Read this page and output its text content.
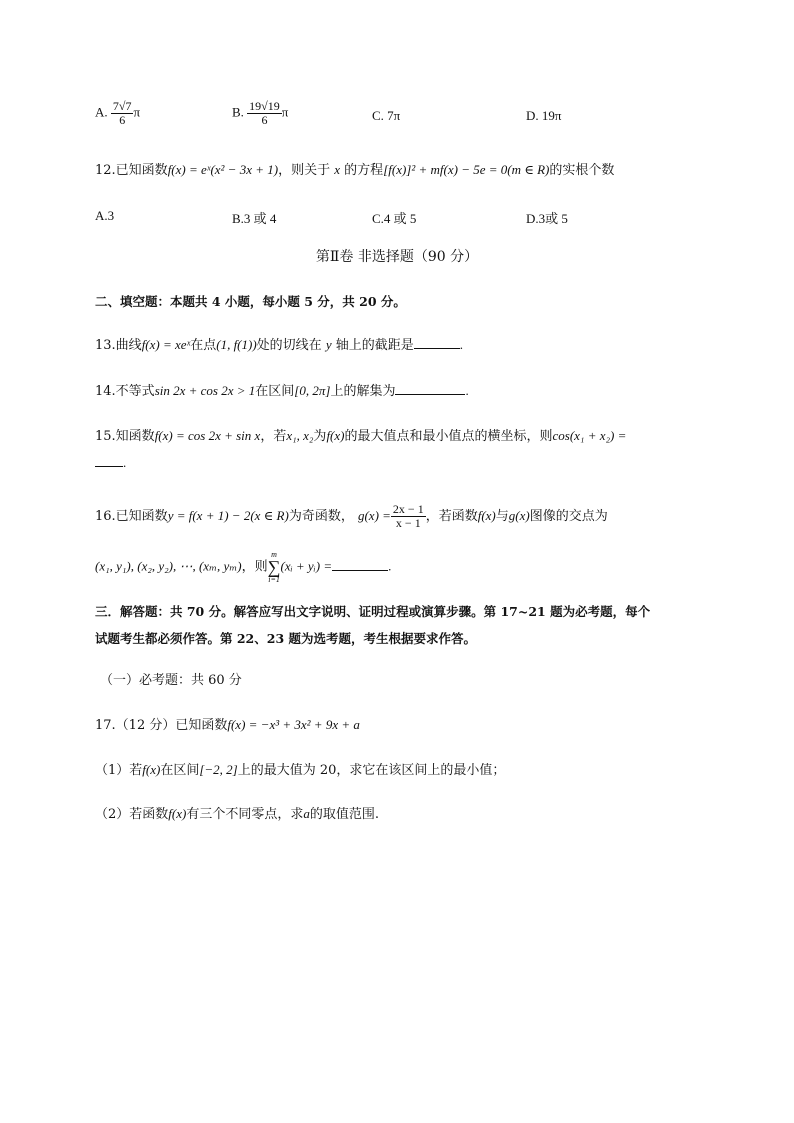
A. $\frac{7√7}{6}$ π	B. $\frac{19√19}{6}$ π	C. 7π	D. 19π
12.已知函数f(x) = eˣ(x² − 3x + 1)，则关于 x 的方程[f(x)]² + mf(x) − 5e = 0(m ∈ R)的实根个数
A.3	B.3 或 4	C.4 或 5	D.3或 5
第Ⅱ卷 非选择题（90 分）
二、填空题：本题共 4 小题，每小题 5 分，共 20 分。
13.曲线f(x) = xeˣ在点(1, f(1))处的切线在 y 轴上的截距是	.
14.不等式sin 2x + cos 2x > 1在区间[0, 2π]上的解集为	.
15.知函数f(x) = cos 2x + sin x，若x₁, x₂为f(x)的最大值点和最小值点的横坐标，则cos(x₁ + x₂) =
.
16.已知函数y = f(x + 1) − 2(x ∈ R)为奇函数， $g(x) = \frac{2x - 1}{x - 1}$ ，若函数f(x)与g(x)图像的交点为
(x₁, y₁), (x₂, y₂), ⋯, (xₘ, yₘ)，则
m
∑
i=1
(xᵢ + yᵢ) =	.
三．解答题：共 70 分。解答应写出文字说明、证明过程或演算步骤。第 17~21 题为必考题，每个
试题考生都必须作答。第 22、23 题为选考题，考生根据要求作答。
（一）必考题：共 60 分
17.（12 分）已知函数f(x) = −x³ + 3x² + 9x + a
（1）若f(x)在区间[−2, 2]上的最大值为 20，求它在该区间上的最小值；
（2）若函数f(x)有三个不同零点，求a的取值范围.
